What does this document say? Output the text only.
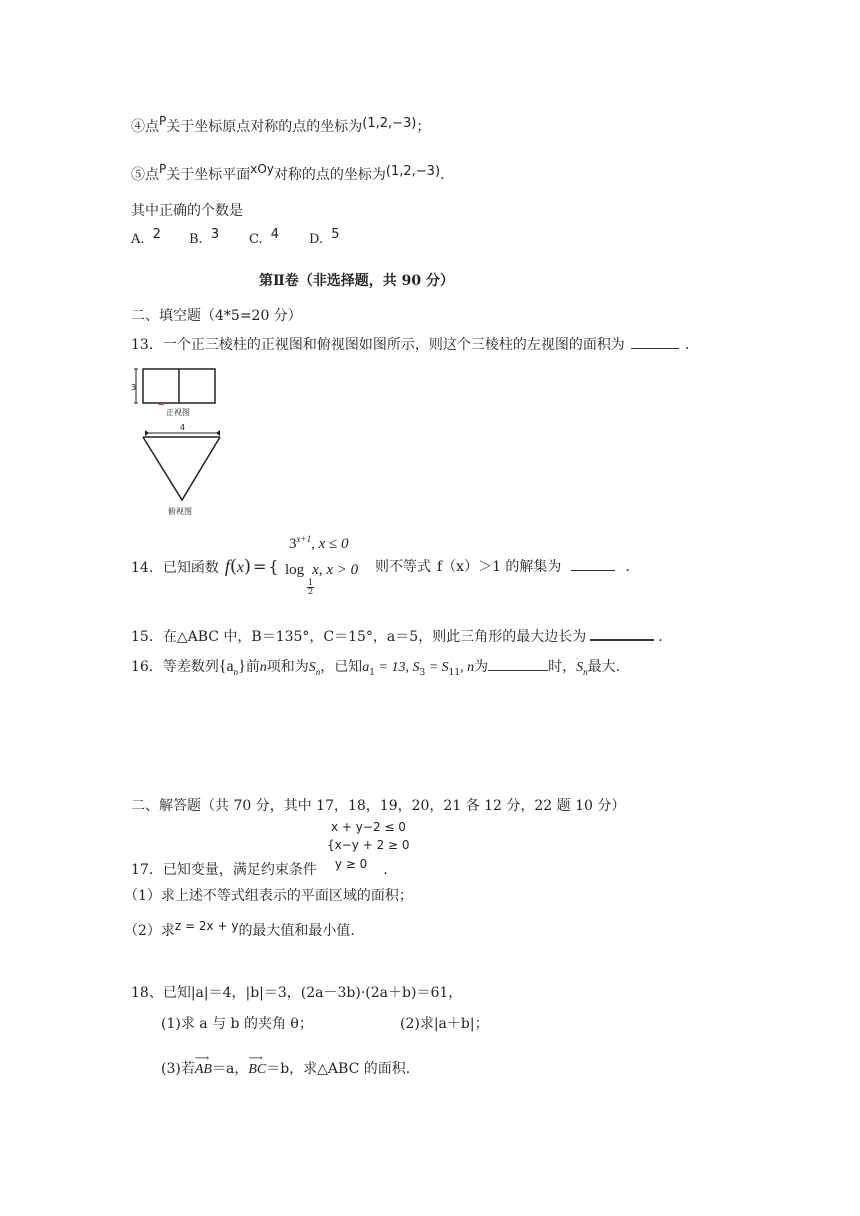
④点P关于坐标原点对称的点的坐标为(1,2,−3)；
⑤点P关于坐标平面xOy对称的点的坐标为(1,2,−3).
其中正确的个数是
A. 2 B. 3 C. 4 D. 5
第Ⅱ卷（非选择题，共 90 分）
二、填空题（4*5=20 分）
13．一个正三棱柱的正视图和俯视图如图所示，则这个三棱柱的左视图的面积为	．
3
正视图
4
俯视图
$3^{x+1}$, x ≤ 0
14．已知函数 f(x) = { log x, x > 0
1
2
则不等式 f（x）＞1 的解集为	．
15．在△ABC 中，B＝135°，C＝15°，a＝5，则此三角形的最大边长为	.
16．等差数列$\{a_n\}$前n项和为$S_n$，已知$a_1 = 13$, $S_3 = S_{11}$, n为	时，$S_n$最大.
二、解答题（共 70 分，其中 17，18，19，20，21 各 12 分，22 题 10 分）
x + y−2 ≤ 0
{x−y + 2 ≥ 0
17．已知变量，满足约束条件 y ≥ 0 .
（1）求上述不等式组表示的平面区域的面积；
（2）求z = 2x + y的最大值和最小值.
18、已知|a|＝4，|b|＝3，(2a－3b)·(2a＋b)＝61，
(1)求 a 与 b 的夹角 θ；	(2)求|a＋b|；
(3)若
⟶
AB＝a，
⟶
BC＝b，求△ABC 的面积.
